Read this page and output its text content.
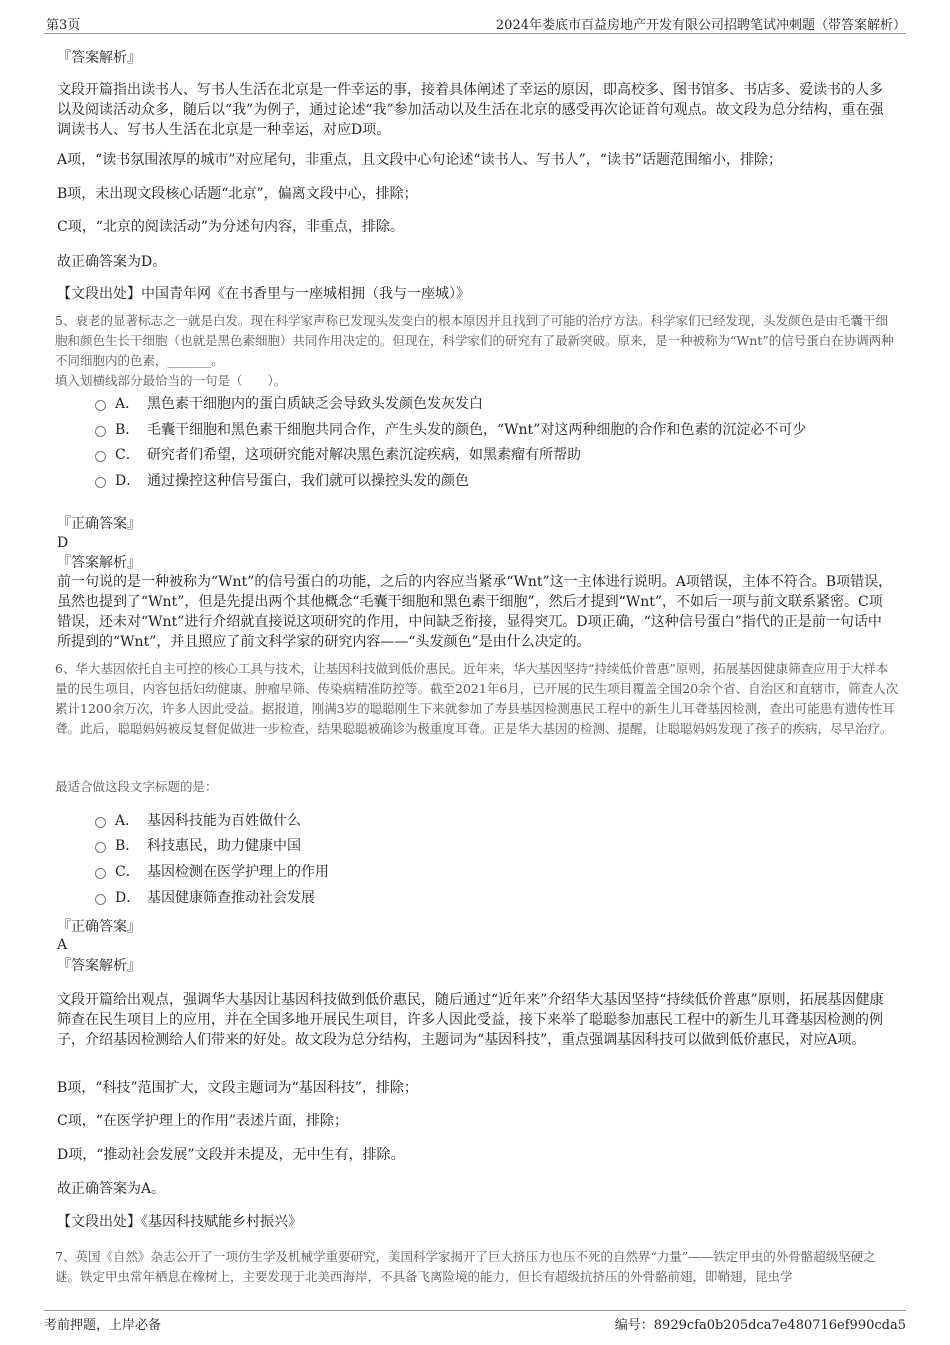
第3页	2024年娄底市百益房地产开发有限公司招聘笔试冲刺题（带答案解析）

『答案解析』

文段开篇指出读书人、写书人生活在北京是一件幸运的事，接着具体阐述了幸运的原因，即高校多、图书馆多、书店多、爱读书的人多以及阅读活动众多，随后以“我”为例子，通过论述“我”参加活动以及生活在北京的感受再次论证首句观点。故文段为总分结构，重在强调读书人、写书人生活在北京是一种幸运，对应D项。

A项，“读书氛围浓厚的城市”对应尾句，非重点，且文段中心句论述“读书人、写书人”，“读书”话题范围缩小，排除；

B项，未出现文段核心话题“北京”，偏离文段中心，排除；

C项，“北京的阅读活动”为分述句内容，非重点，排除。

故正确答案为D。

【文段出处】中国青年网《在书香里与一座城相拥（我与一座城）》

5、衰老的显著标志之一就是白发。现在科学家声称已发现头发变白的根本原因并且找到了可能的治疗方法。科学家们已经发现，头发颜色是由毛囊干细胞和颜色生长干细胞（也就是黑色素细胞）共同作用决定的。但现在，科学家们的研究有了最新突破。原来，是一种被称为“Wnt”的信号蛋白在协调两种不同细胞内的色素，_______。

填入划横线部分最恰当的一句是（　　）。

A． 黑色素干细胞内的蛋白质缺乏会导致头发颜色发灰发白
B． 毛囊干细胞和黑色素干细胞共同合作，产生头发的颜色，“Wnt”对这两种细胞的合作和色素的沉淀必不可少
C． 研究者们希望，这项研究能对解决黑色素沉淀疾病，如黑素瘤有所帮助
D． 通过操控这种信号蛋白，我们就可以操控头发的颜色

『正确答案』

D

『答案解析』

前一句说的是一种被称为“Wnt”的信号蛋白的功能，之后的内容应当紧承“Wnt”这一主体进行说明。A项错误，主体不符合。B项错误，虽然也提到了“Wnt”，但是先提出两个其他概念“毛囊干细胞和黑色素干细胞”，然后才提到“Wnt”，不如后一项与前文联系紧密。C项错误，还未对“Wnt”进行介绍就直接说这项研究的作用，中间缺乏衔接，显得突兀。D项正确，“这种信号蛋白”指代的正是前一句话中所提到的“Wnt”，并且照应了前文科学家的研究内容——“头发颜色”是由什么决定的。

6、华大基因依托自主可控的核心工具与技术，让基因科技做到低价惠民。近年来，华大基因坚持“持续低价普惠”原则，拓展基因健康筛查应用于大样本量的民生项目，内容包括妇幼健康、肿瘤早筛、传染病精准防控等。截至2021年6月，已开展的民生项目覆盖全国20余个省、自治区和直辖市，筛查人次累计1200余万次，许多人因此受益。据报道，刚满3岁的聪聪刚生下来就参加了寿县基因检测惠民工程中的新生儿耳聋基因检测，查出可能患有遗传性耳聋。此后，聪聪妈妈被反复督促做进一步检查，结果聪聪被确诊为极重度耳聋。正是华大基因的检测、提醒，让聪聪妈妈发现了孩子的疾病，尽早治疗。

最适合做这段文字标题的是：

A． 基因科技能为百姓做什么
B． 科技惠民，助力健康中国
C． 基因检测在医学护理上的作用
D． 基因健康筛查推动社会发展

『正确答案』

A

『答案解析』

文段开篇给出观点，强调华大基因让基因科技做到低价惠民，随后通过“近年来”介绍华大基因坚持“持续低价普惠”原则，拓展基因健康筛查在民生项目上的应用，并在全国多地开展民生项目，许多人因此受益，接下来举了聪聪参加惠民工程中的新生儿耳聋基因检测的例子，介绍基因检测给人们带来的好处。故文段为总分结构，主题词为“基因科技”，重点强调基因科技可以做到低价惠民，对应A项。

B项，“科技”范围扩大，文段主题词为“基因科技”，排除；

C项，“在医学护理上的作用”表述片面，排除；

D项，“推动社会发展”文段并未提及，无中生有，排除。

故正确答案为A。

【文段出处】《基因科技赋能乡村振兴》

7、英国《自然》杂志公开了一项仿生学及机械学重要研究，美国科学家揭开了巨大挤压力也压不死的自然界“力量”——铁定甲虫的外骨骼超级坚硬之谜。铁定甲虫常年栖息在橡树上，主要发现于北美西海岸，不具备飞离险境的能力，但长有超级抗挤压的外骨骼前翅，即鞘翅，昆虫学

考前押题，上岸必备	编号：8929cfa0b205dca7e480716ef990cda5
